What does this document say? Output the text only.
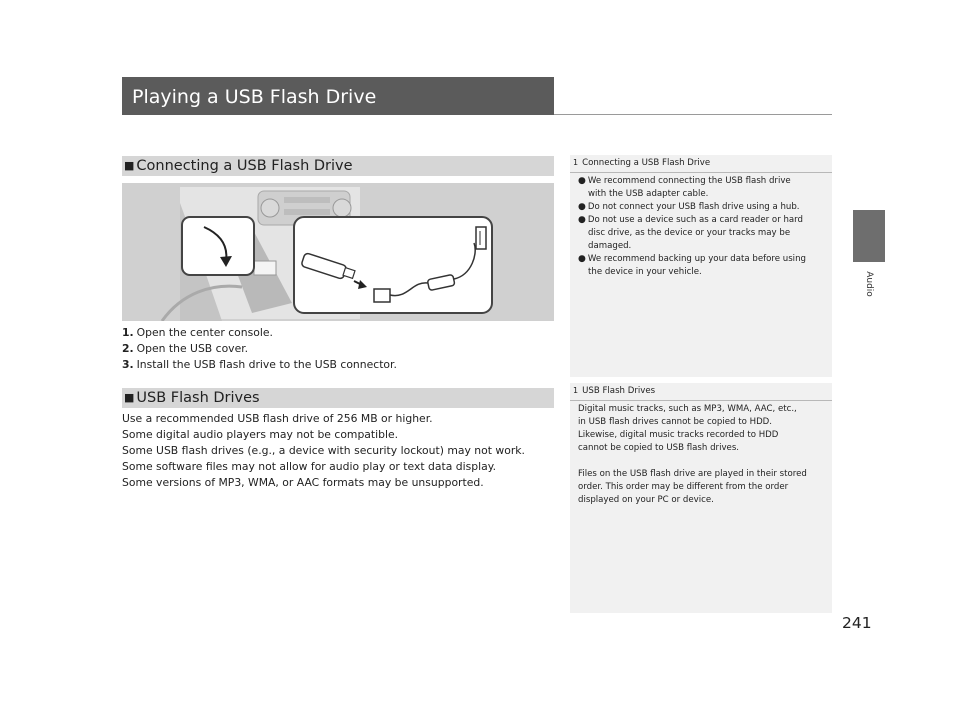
Playing a USB Flash Drive
Audio
■ Connecting a USB Flash Drive
1. Open the center console.
2. Open the USB cover.
3. Install the USB flash drive to the USB connector.
■ USB Flash Drives
Use a recommended USB flash drive of 256 MB or higher.
Some digital audio players may not be compatible.
Some USB flash drives (e.g., a device with security lockout) may not work.
Some software files may not allow for audio play or text data display.
Some versions of MP3, WMA, or AAC formats may be unsupported.
1 Connecting a USB Flash Drive
● We recommend connecting the USB flash drive
with the USB adapter cable.
● Do not connect your USB flash drive using a hub.
● Do not use a device such as a card reader or hard
disc drive, as the device or your tracks may be
damaged.
● We recommend backing up your data before using
the device in your vehicle.
1 USB Flash Drives
Digital music tracks, such as MP3, WMA, AAC, etc.,
in USB flash drives cannot be copied to HDD.
Likewise, digital music tracks recorded to HDD
cannot be copied to USB flash drives.
Files on the USB flash drive are played in their stored
order. This order may be different from the order
displayed on your PC or device.
241
